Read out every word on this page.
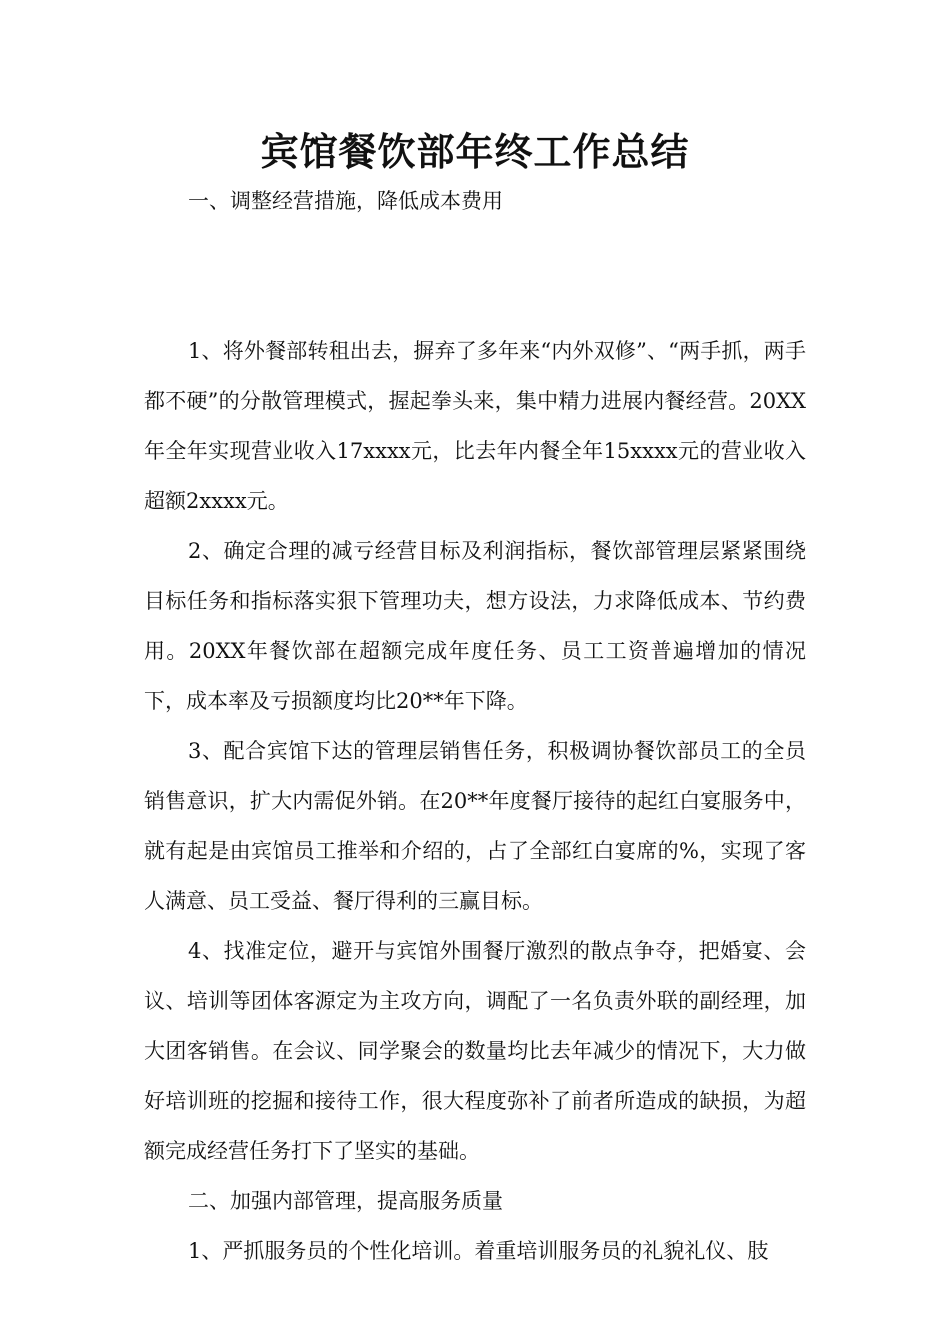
宾馆餐饮部年终工作总结

一、调整经营措施，降低成本费用

1、将外餐部转租出去，摒弃了多年来“内外双修”、“两手抓，两手都不硬”的分散管理模式，握起拳头来，集中精力进展内餐经营。20XX年全年实现营业收入17xxxx元，比去年内餐全年15xxxx元的营业收入超额2xxxx元。

2、确定合理的减亏经营目标及利润指标，餐饮部管理层紧紧围绕目标任务和指标落实狠下管理功夫，想方设法，力求降低成本、节约费用。20XX年餐饮部在超额完成年度任务、员工工资普遍增加的情况下，成本率及亏损额度均比20**年下降。

3、配合宾馆下达的管理层销售任务，积极调协餐饮部员工的全员销售意识，扩大内需促外销。在20**年度餐厅接待的起红白宴服务中，就有起是由宾馆员工推举和介绍的，占了全部红白宴席的%，实现了客人满意、员工受益、餐厅得利的三赢目标。

4、找准定位，避开与宾馆外围餐厅激烈的散点争夺，把婚宴、会议、培训等团体客源定为主攻方向，调配了一名负责外联的副经理，加大团客销售。在会议、同学聚会的数量均比去年减少的情况下，大力做好培训班的挖掘和接待工作，很大程度弥补了前者所造成的缺损，为超额完成经营任务打下了坚实的基础。

二、加强内部管理，提高服务质量

1、严抓服务员的个性化培训。着重培训服务员的礼貌礼仪、肢
